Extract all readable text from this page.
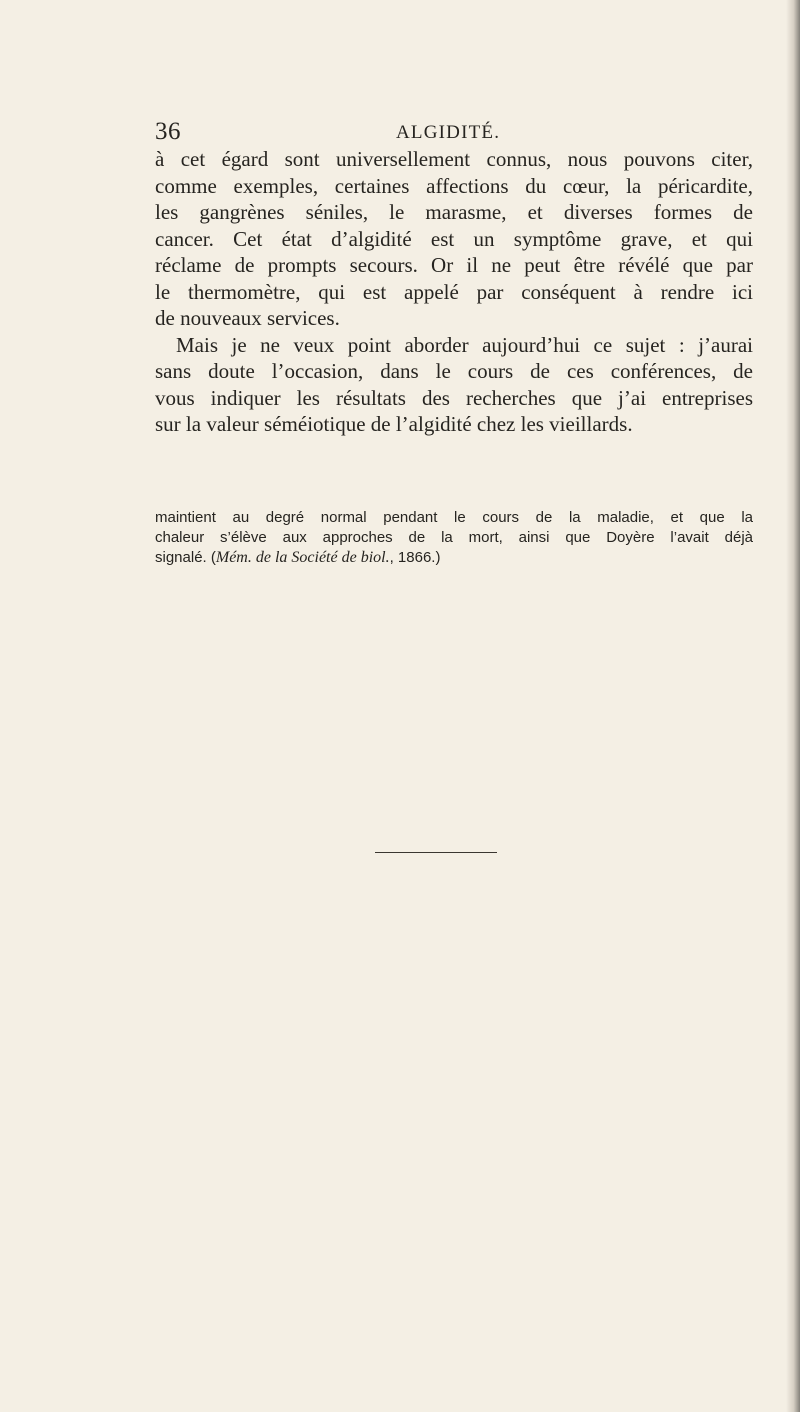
36	ALGIDITÉ.
à cet égard sont universellement connus, nous pouvons citer,
comme exemples, certaines affections du cœur, la péricardite,
les gangrènes séniles, le marasme, et diverses formes de
cancer. Cet état d’algidité est un symptôme grave, et qui
réclame de prompts secours. Or il ne peut être révélé que par
le thermomètre, qui est appelé par conséquent à rendre ici
de nouveaux services.
Mais je ne veux point aborder aujourd’hui ce sujet : j’aurai
sans doute l’occasion, dans le cours de ces conférences, de
vous indiquer les résultats des recherches que j’ai entreprises
sur la valeur séméiotique de l’algidité chez les vieillards.
maintient au degré normal pendant le cours de la maladie, et que la
chaleur s’élève aux approches de la mort, ainsi que Doyère l’avait déjà
signalé. (Mém. de la Société de biol., 1866.)
